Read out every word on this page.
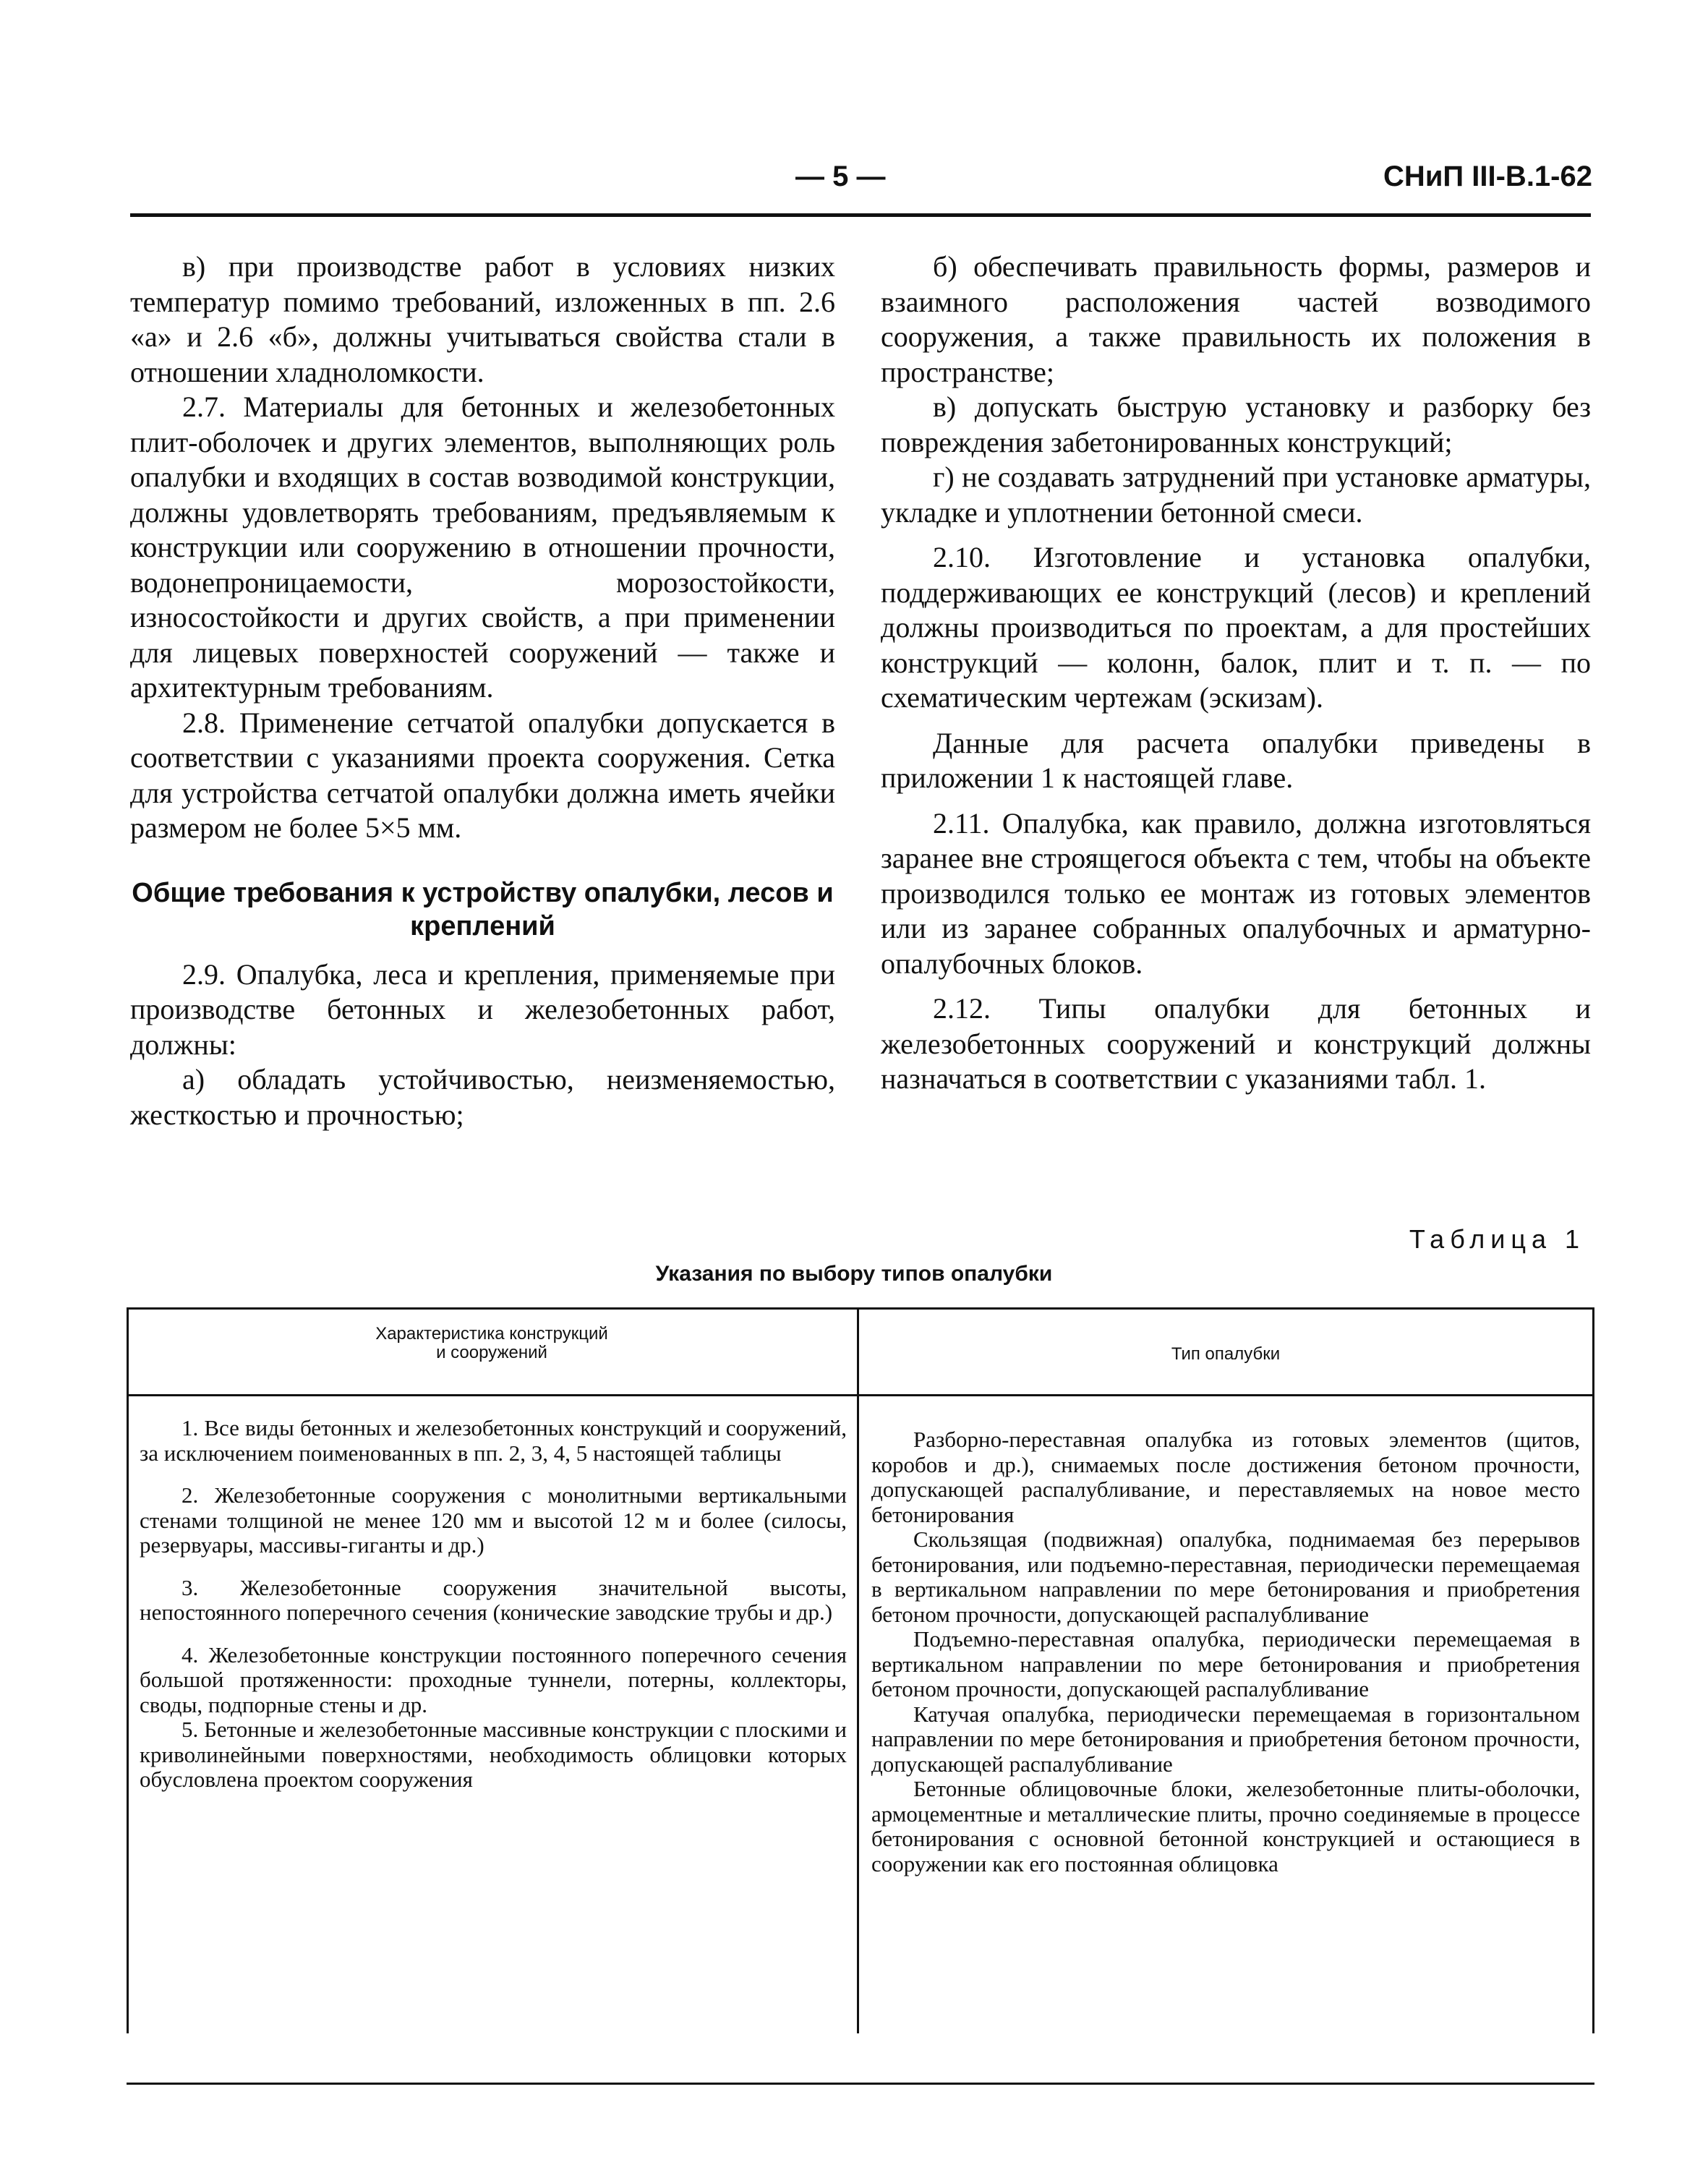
— 5 —	СНиП III-В.1-62

в) при производстве работ в условиях низких температур помимо требований, изложенных в пп. 2.6 «а» и 2.6 «б», должны учитываться свойства стали в отношении хладноломкости.

2.7. Материалы для бетонных и железобетонных плит-оболочек и других элементов, выполняющих роль опалубки и входящих в состав возводимой конструкции, должны удовлетворять требованиям, предъявляемым к конструкции или сооружению в отношении прочности, водонепроницаемости, морозостойкости, износостойкости и других свойств, а при применении для лицевых поверхностей сооружений — также и архитектурным требованиям.

2.8. Применение сетчатой опалубки допускается в соответствии с указаниями проекта сооружения. Сетка для устройства сетчатой опалубки должна иметь ячейки размером не более 5×5 мм.

Общие требования к устройству опалубки, лесов и креплений

2.9. Опалубка, леса и крепления, применяемые при производстве бетонных и железобетонных работ, должны:

а) обладать устойчивостью, неизменяемостью, жесткостью и прочностью;

б) обеспечивать правильность формы, размеров и взаимного расположения частей возводимого сооружения, а также правильность их положения в пространстве;

в) допускать быструю установку и разборку без повреждения забетонированных конструкций;

г) не создавать затруднений при установке арматуры, укладке и уплотнении бетонной смеси.

2.10. Изготовление и установка опалубки, поддерживающих ее конструкций (лесов) и креплений должны производиться по проектам, а для простейших конструкций — колонн, балок, плит и т. п. — по схематическим чертежам (эскизам).

Данные для расчета опалубки приведены в приложении 1 к настоящей главе.

2.11. Опалубка, как правило, должна изготовляться заранее вне строящегося объекта с тем, чтобы на объекте производился только ее монтаж из готовых элементов или из заранее собранных опалубочных и арматурно-опалубочных блоков.

2.12. Типы опалубки для бетонных и железобетонных сооружений и конструкций должны назначаться в соответствии с указаниями табл. 1.

Таблица 1
Указания по выбору типов опалубки
Характеристика конструкций
и сооружений	Тип опалубки

1. Все виды бетонных и железобетонных конструкций и сооружений, за исключением поименованных в пп. 2, 3, 4, 5 настоящей таблицы

2. Железобетонные сооружения с монолитными вертикальными стенами толщиной не менее 120 мм и высотой 12 м и более (силосы, резервуары, массивы-гиганты и др.)

3. Железобетонные сооружения значительной высоты, непостоянного поперечного сечения (конические заводские трубы и др.)

4. Железобетонные конструкции постоянного поперечного сечения большой протяженности: проходные туннели, потерны, коллекторы, своды, подпорные стены и др.

5. Бетонные и железобетонные массивные конструкции с плоскими и криволинейными поверхностями, необходимость облицовки которых обусловлена проектом сооружения

Разборно-переставная опалубка из готовых элементов (щитов, коробов и др.), снимаемых после достижения бетоном прочности, допускающей распалубливание, и переставляемых на новое место бетонирования

Скользящая (подвижная) опалубка, поднимаемая без перерывов бетонирования, или подъемно-переставная, периодически перемещаемая в вертикальном направлении по мере бетонирования и приобретения бетоном прочности, допускающей распалубливание

Подъемно-переставная опалубка, периодически перемещаемая в вертикальном направлении по мере бетонирования и приобретения бетоном прочности, допускающей распалубливание

Катучая опалубка, периодически перемещаемая в горизонтальном направлении по мере бетонирования и приобретения бетоном прочности, допускающей распалубливание

Бетонные облицовочные блоки, железобетонные плиты-оболочки, армоцементные и металлические плиты, прочно соединяемые в процессе бетонирования с основной бетонной конструкцией и остающиеся в сооружении как его постоянная облицовка
